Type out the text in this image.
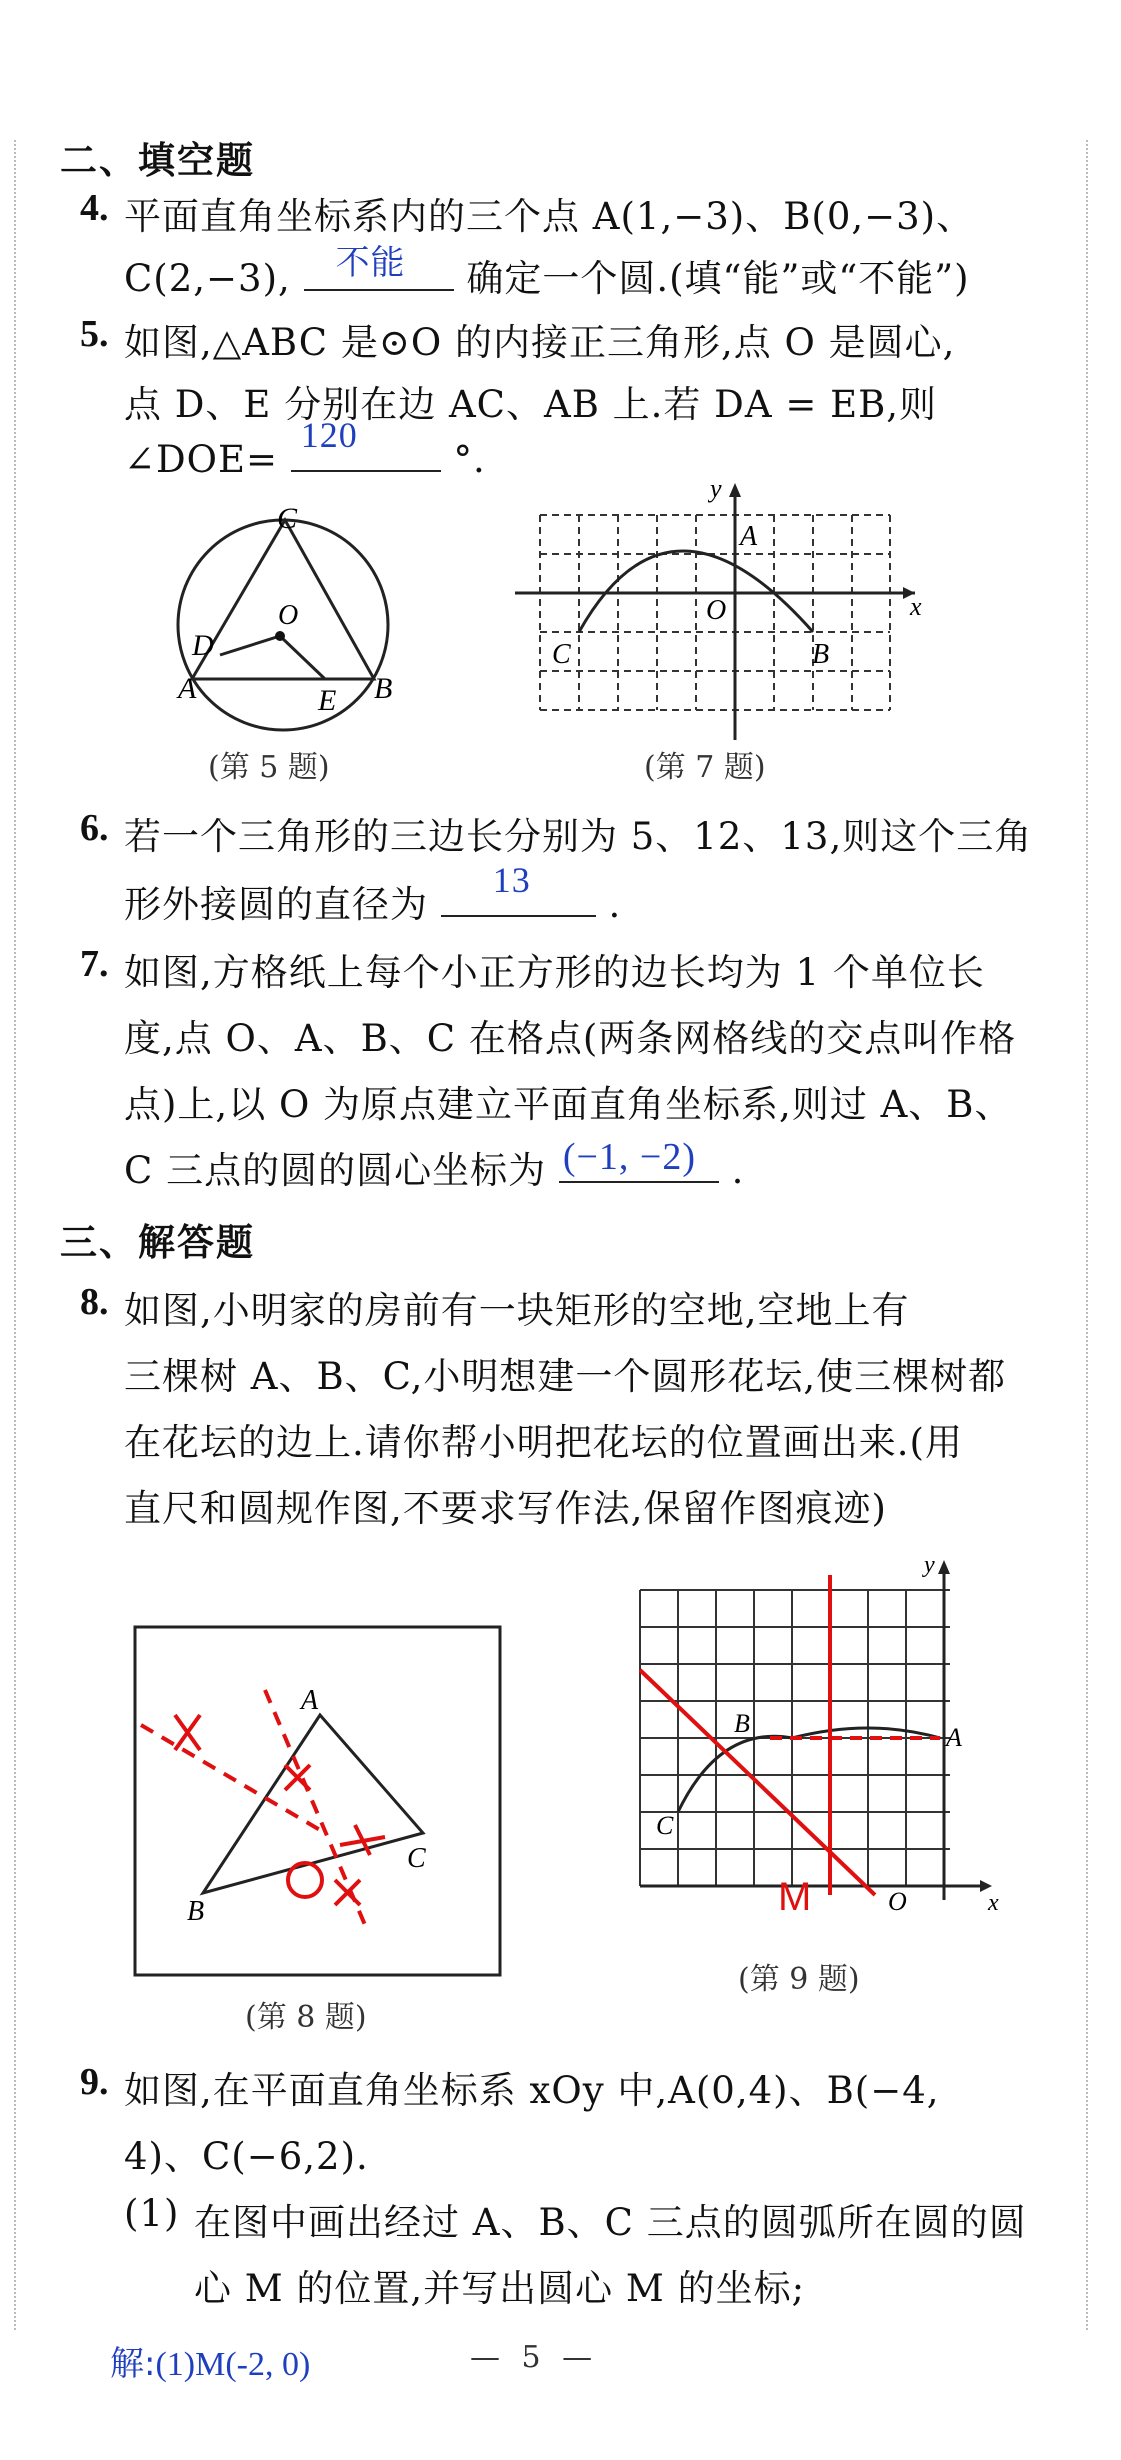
二、填空题
4. 平面直角坐标系内的三个点 A(1,−3)、B(0,−3)、
C(2,−3), 不能 确定一个圆.(填“能”或“不能”)
5. 如图,△ABC 是⊙O 的内接正三角形,点 O 是圆心,
点 D、E 分别在边 AC、AB 上.若 DA = EB,则
∠DOE=
120
°.
C
O
D
A	E B
(第 5 题)
y
x
A
O
C	B
(第 7 题)
6. 若一个三角形的三边长分别为 5、12、13,则这个三角
形外接圆的直径为
13
.
7. 如图,方格纸上每个小正方形的边长均为 1 个单位长
度,点 O、A、B、C 在格点(两条网格线的交点叫作格
点)上,以 O 为原点建立平面直角坐标系,则过 A、B、
C 三点的圆的圆心坐标为 (−1, −2) .
三、解答题
8. 如图,小明家的房前有一块矩形的空地,空地上有
三棵树 A、B、C,小明想建一个圆形花坛,使三棵树都
在花坛的边上.请你帮小明把花坛的位置画出来.(用
直尺和圆规作图,不要求写作法,保留作图痕迹)
A
C
B
(第 8 题)
y
x
A
B
C
O
M
(第 9 题)
9. 如图,在平面直角坐标系 xOy 中,A(0,4)、B(−4,
4)、C(−6,2).
(1) 在图中画出经过 A、B、C 三点的圆弧所在圆的圆
心 M 的位置,并写出圆心 M 的坐标;
解:(1)M(-2, 0)	— 5 —
